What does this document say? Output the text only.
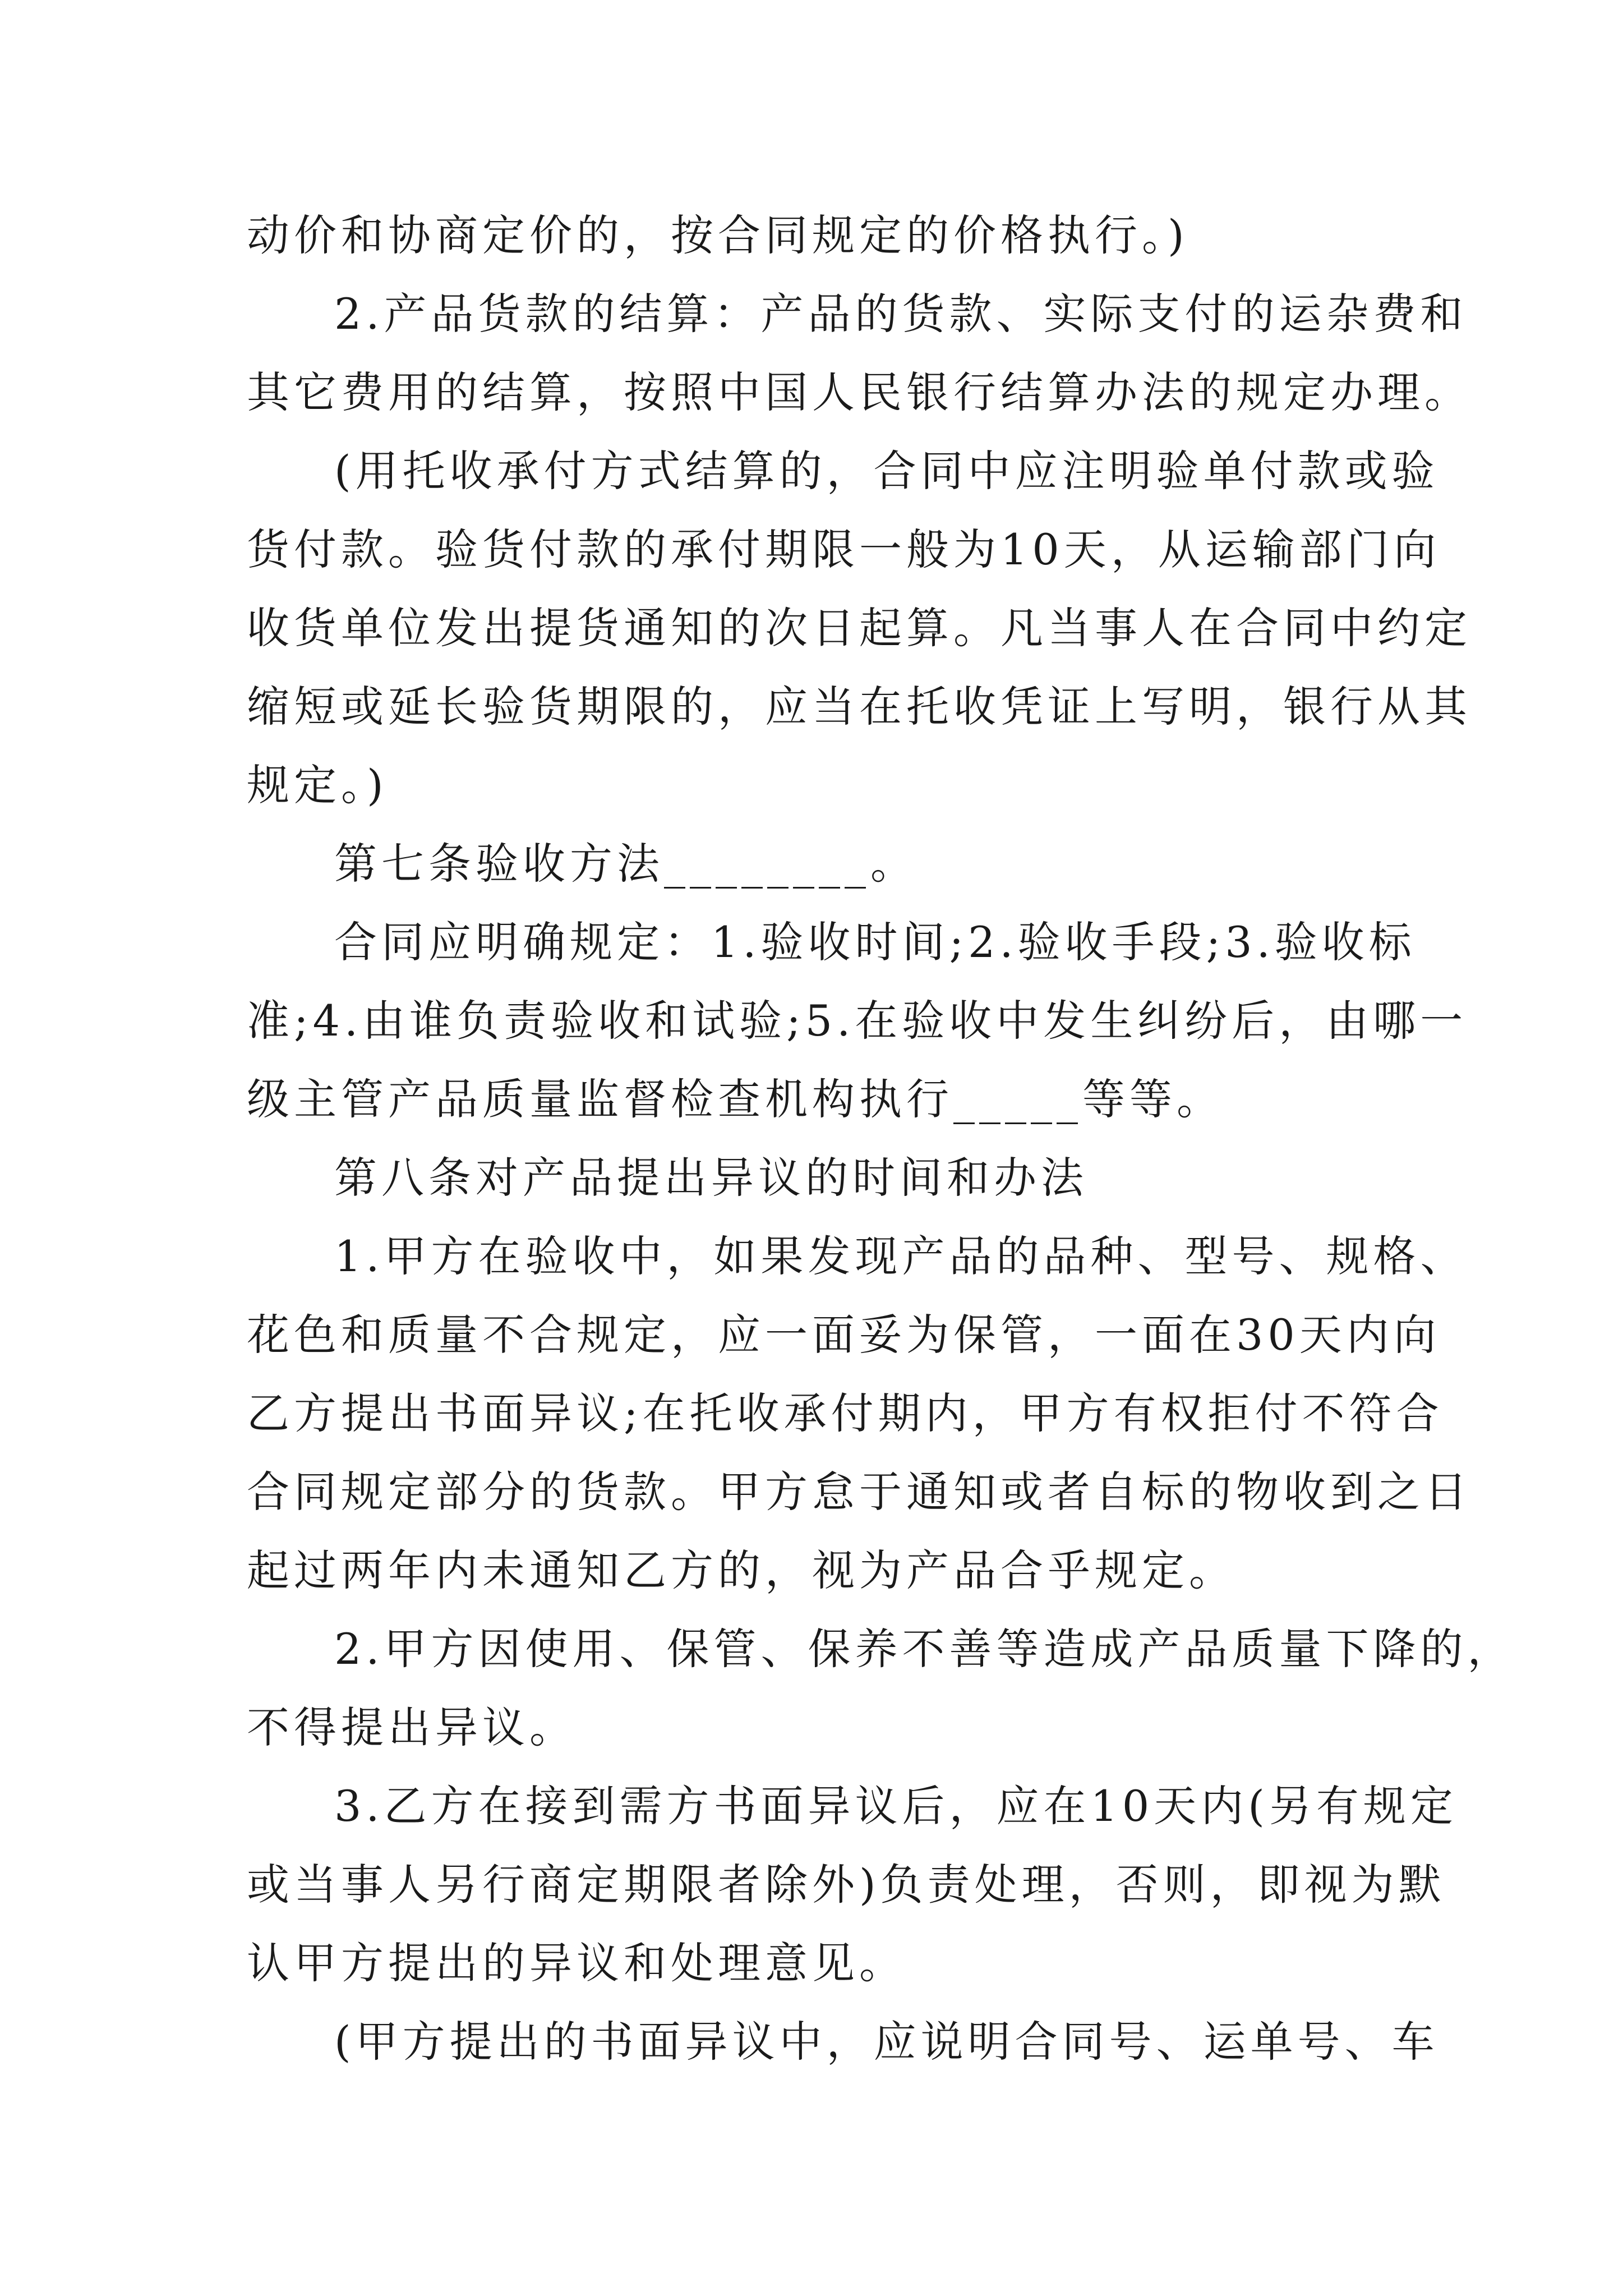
动价和协商定价的，按合同规定的价格执行。)
2.产品货款的结算：产品的货款、实际支付的运杂费和
其它费用的结算，按照中国人民银行结算办法的规定办理。
(用托收承付方式结算的，合同中应注明验单付款或验
货付款。验货付款的承付期限一般为10天，从运输部门向
收货单位发出提货通知的次日起算。凡当事人在合同中约定
缩短或延长验货期限的，应当在托收凭证上写明，银行从其
规定。)
第七条验收方法________。
合同应明确规定：1.验收时间;2.验收手段;3.验收标
准;4.由谁负责验收和试验;5.在验收中发生纠纷后，由哪一
级主管产品质量监督检查机构执行_____等等。
第八条对产品提出异议的时间和办法
1.甲方在验收中，如果发现产品的品种、型号、规格、
花色和质量不合规定，应一面妥为保管，一面在30天内向
乙方提出书面异议;在托收承付期内，甲方有权拒付不符合
合同规定部分的货款。甲方怠于通知或者自标的物收到之日
起过两年内未通知乙方的，视为产品合乎规定。
2.甲方因使用、保管、保养不善等造成产品质量下降的，
不得提出异议。
3.乙方在接到需方书面异议后，应在10天内(另有规定
或当事人另行商定期限者除外)负责处理，否则，即视为默
认甲方提出的异议和处理意见。
(甲方提出的书面异议中，应说明合同号、运单号、车
